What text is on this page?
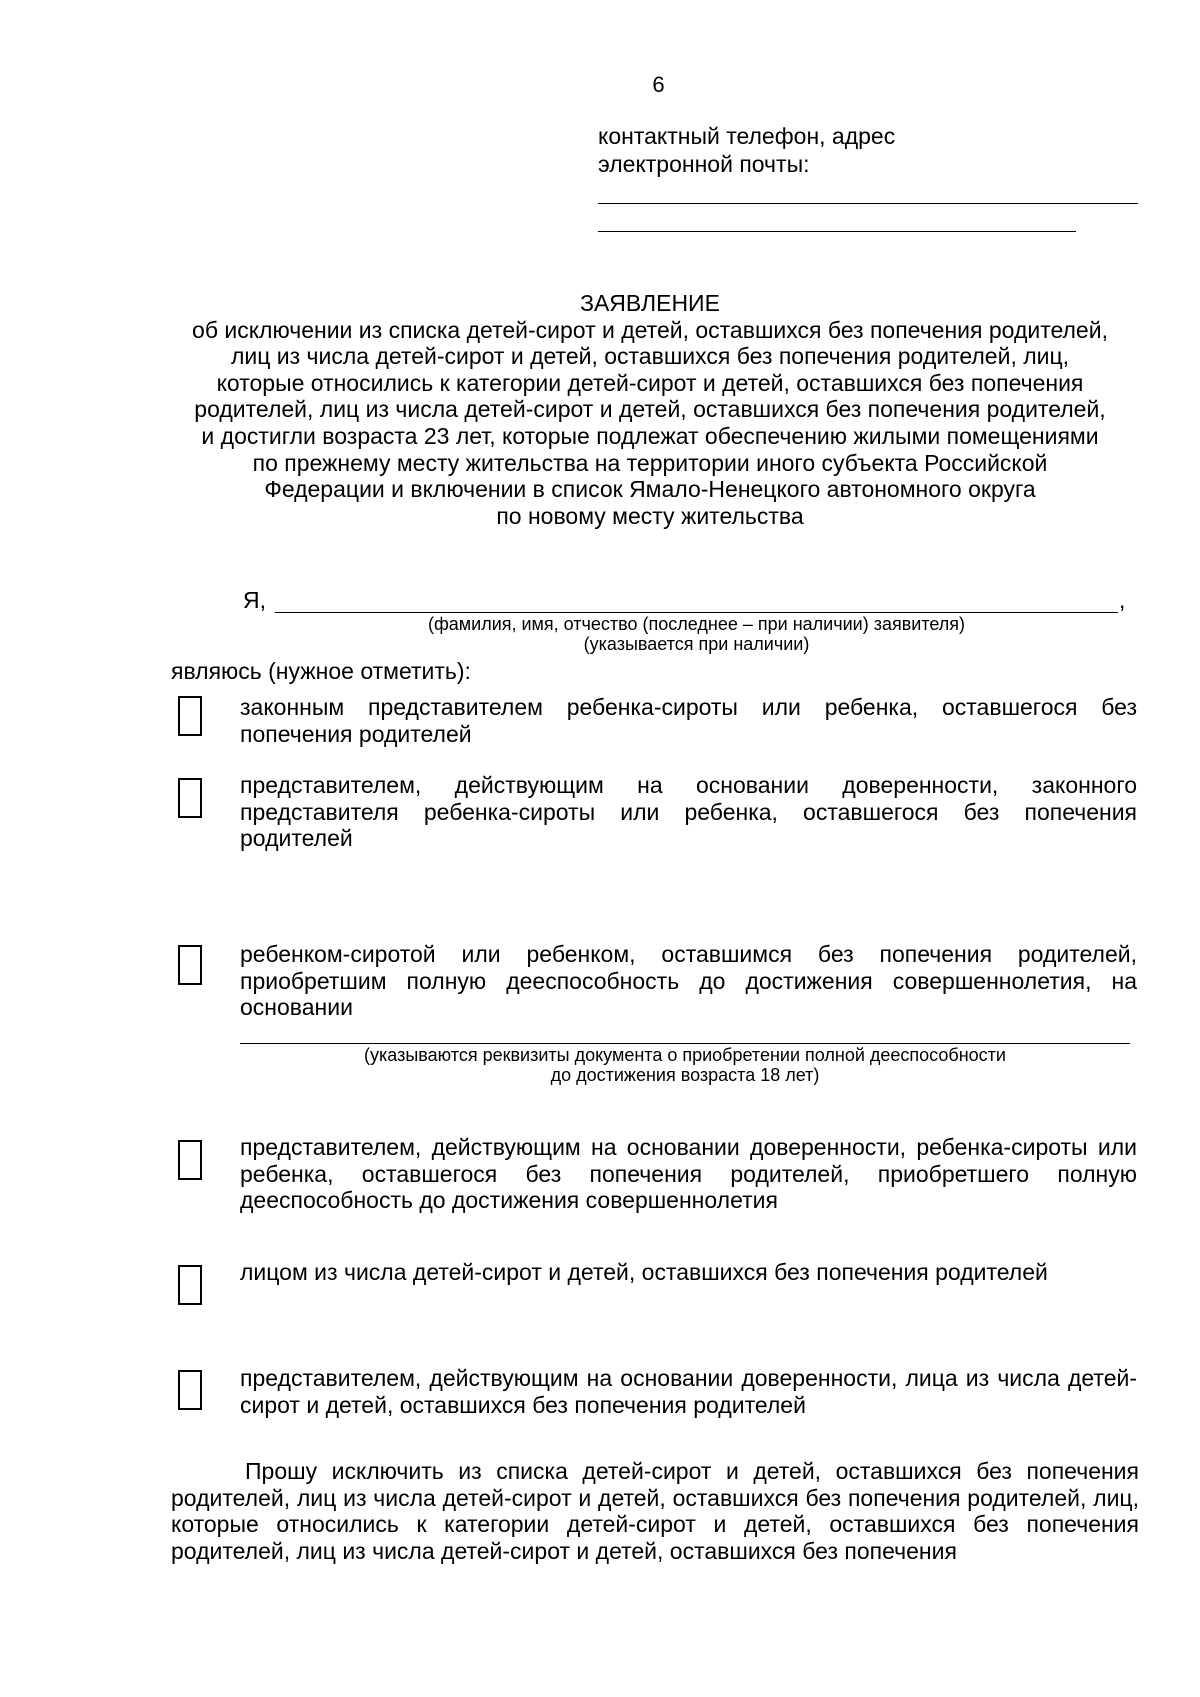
6
контактный телефон, адрес
электронной почты:
ЗАЯВЛЕНИЕ
об исключении из списка детей-сирот и детей, оставшихся без попечения родителей,
лиц из числа детей-сирот и детей, оставшихся без попечения родителей, лиц,
которые относились к категории детей-сирот и детей, оставшихся без попечения
родителей, лиц из числа детей-сирот и детей, оставшихся без попечения родителей,
и достигли возраста 23 лет, которые подлежат обеспечению жилыми помещениями
по прежнему месту жительства на территории иного субъекта Российской
Федерации и включении в список Ямало-Ненецкого автономного округа
по новому месту жительства
Я,	,
(фамилия, имя, отчество (последнее – при наличии) заявителя)
(указывается при наличии)
являюсь (нужное отметить):
законным представителем ребенка-сироты или ребенка, оставшегося без попечения родителей
представителем, действующим на основании доверенности, законного представителя ребенка-сироты или ребенка, оставшегося без попечения родителей
ребенком-сиротой или ребенком, оставшимся без попечения родителей, приобретшим полную дееспособность до достижения совершеннолетия, на основании
(указываются реквизиты документа о приобретении полной дееспособности
до достижения возраста 18 лет)
представителем, действующим на основании доверенности, ребенка-сироты или ребенка, оставшегося без попечения родителей, приобретшего полную дееспособность до достижения совершеннолетия
лицом из числа детей-сирот и детей, оставшихся без попечения родителей
представителем, действующим на основании доверенности, лица из числа детей-сирот и детей, оставшихся без попечения родителей
Прошу исключить из списка детей-сирот и детей, оставшихся без попечения родителей, лиц из числа детей-сирот и детей, оставшихся без попечения родителей, лиц, которые относились к категории детей-сирот и детей, оставшихся без попечения родителей, лиц из числа детей-сирот и детей, оставшихся без попечения
